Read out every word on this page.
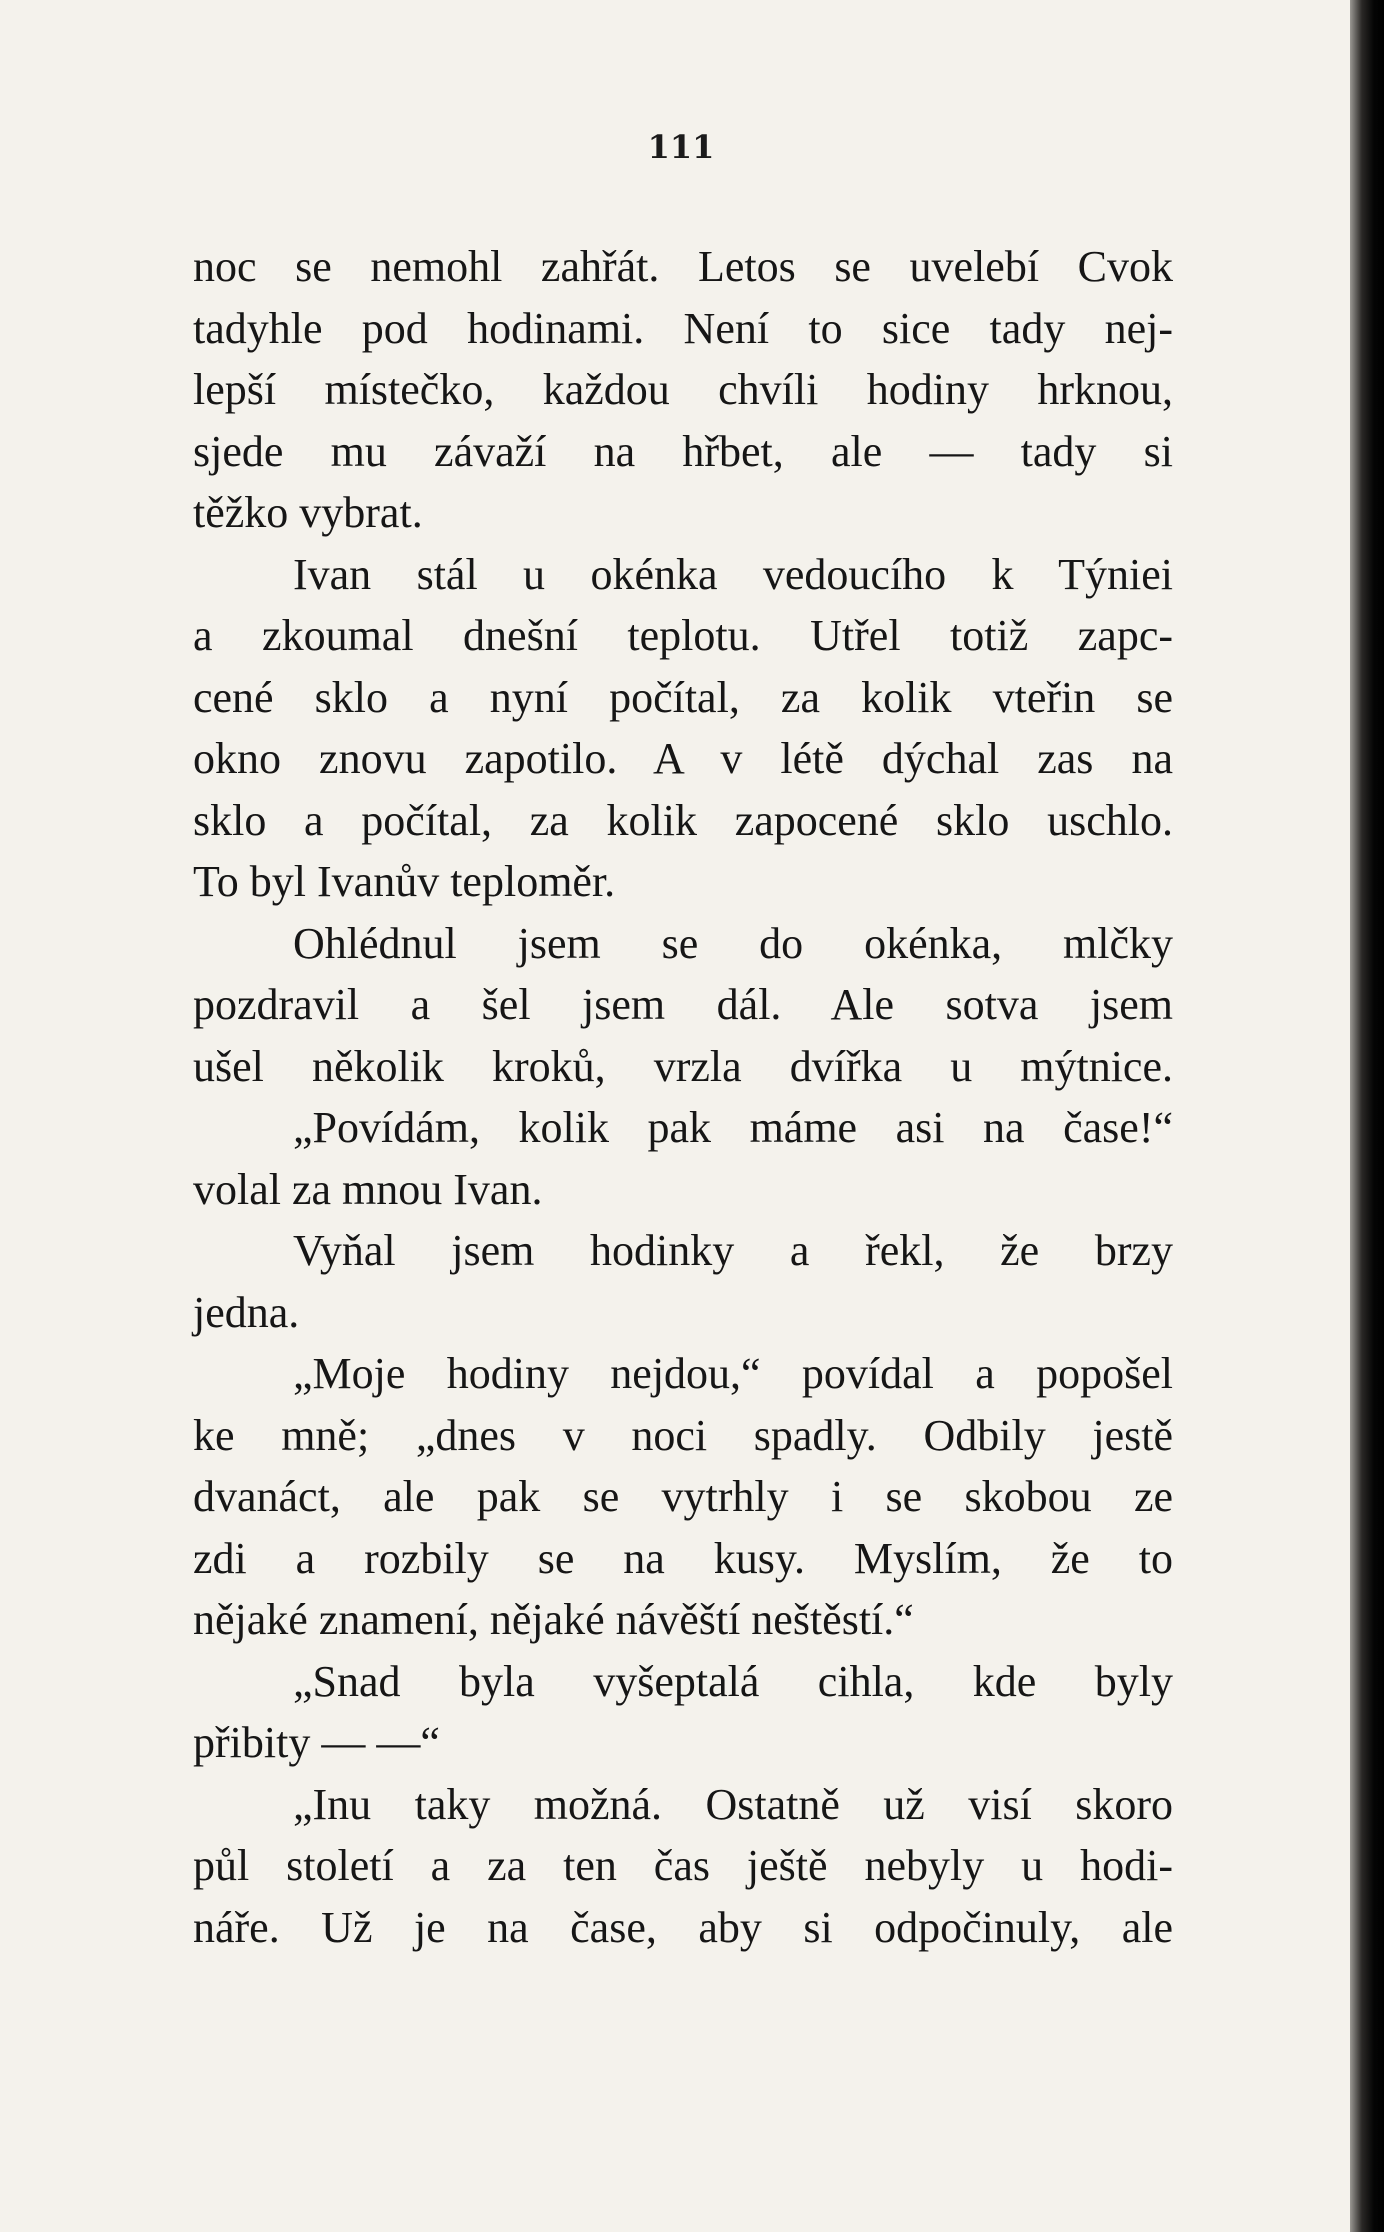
111
noc se nemohl zahřát. Letos se uvelebí Cvok
tadyhle pod hodinami. Není to sice tady nej-
lepší místečko, každou chvíli hodiny hrknou,
sjede mu závaží na hřbet, ale — tady si
těžko vybrat.
Ivan stál u okénka vedoucího k Týniei
a zkoumal dnešní teplotu. Utřel totiž zapc-
cené sklo a nyní počítal, za kolik vteřin se
okno znovu zapotilo. A v létě dýchal zas na
sklo a počítal, za kolik zapocené sklo uschlo.
To byl Ivanův teploměr.
Ohlédnul jsem se do okénka, mlčky
pozdravil a šel jsem dál. Ale sotva jsem
ušel několik kroků, vrzla dvířka u mýtnice.
„Povídám, kolik pak máme asi na čase!“
volal za mnou Ivan.
Vyňal jsem hodinky a řekl, že brzy
jedna.
„Moje hodiny nejdou,“ povídal a popošel
ke mně; „dnes v noci spadly. Odbily jestě
dvanáct, ale pak se vytrhly i se skobou ze
zdi a rozbily se na kusy. Myslím, že to
nějaké znamení, nějaké návěští neštěstí.“
„Snad byla vyšeptalá cihla, kde byly
přibity — —“
„Inu taky možná. Ostatně už visí skoro
půl století a za ten čas ještě nebyly u hodi-
náře. Už je na čase, aby si odpočinuly, ale
